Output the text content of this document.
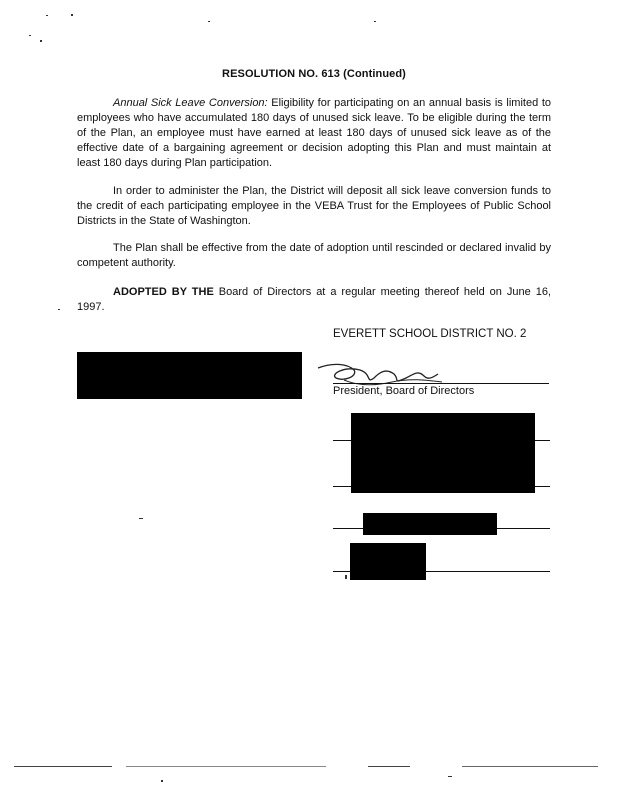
RESOLUTION NO. 613 (Continued)
Annual Sick Leave Conversion: Eligibility for participating on an annual basis is limited to employees who have accumulated 180 days of unused sick leave. To be eligible during the term of the Plan, an employee must have earned at least 180 days of unused sick leave as of the effective date of a bargaining agreement or decision adopting this Plan and must maintain at least 180 days during Plan participation.
In order to administer the Plan, the District will deposit all sick leave conversion funds to the credit of each participating employee in the VEBA Trust for the Employees of Public School Districts in the State of Washington.
The Plan shall be effective from the date of adoption until rescinded or declared invalid by competent authority.
ADOPTED BY THE Board of Directors at a regular meeting thereof held on June 16, 1997.
EVERETT SCHOOL DISTRICT NO. 2
President, Board of Directors
